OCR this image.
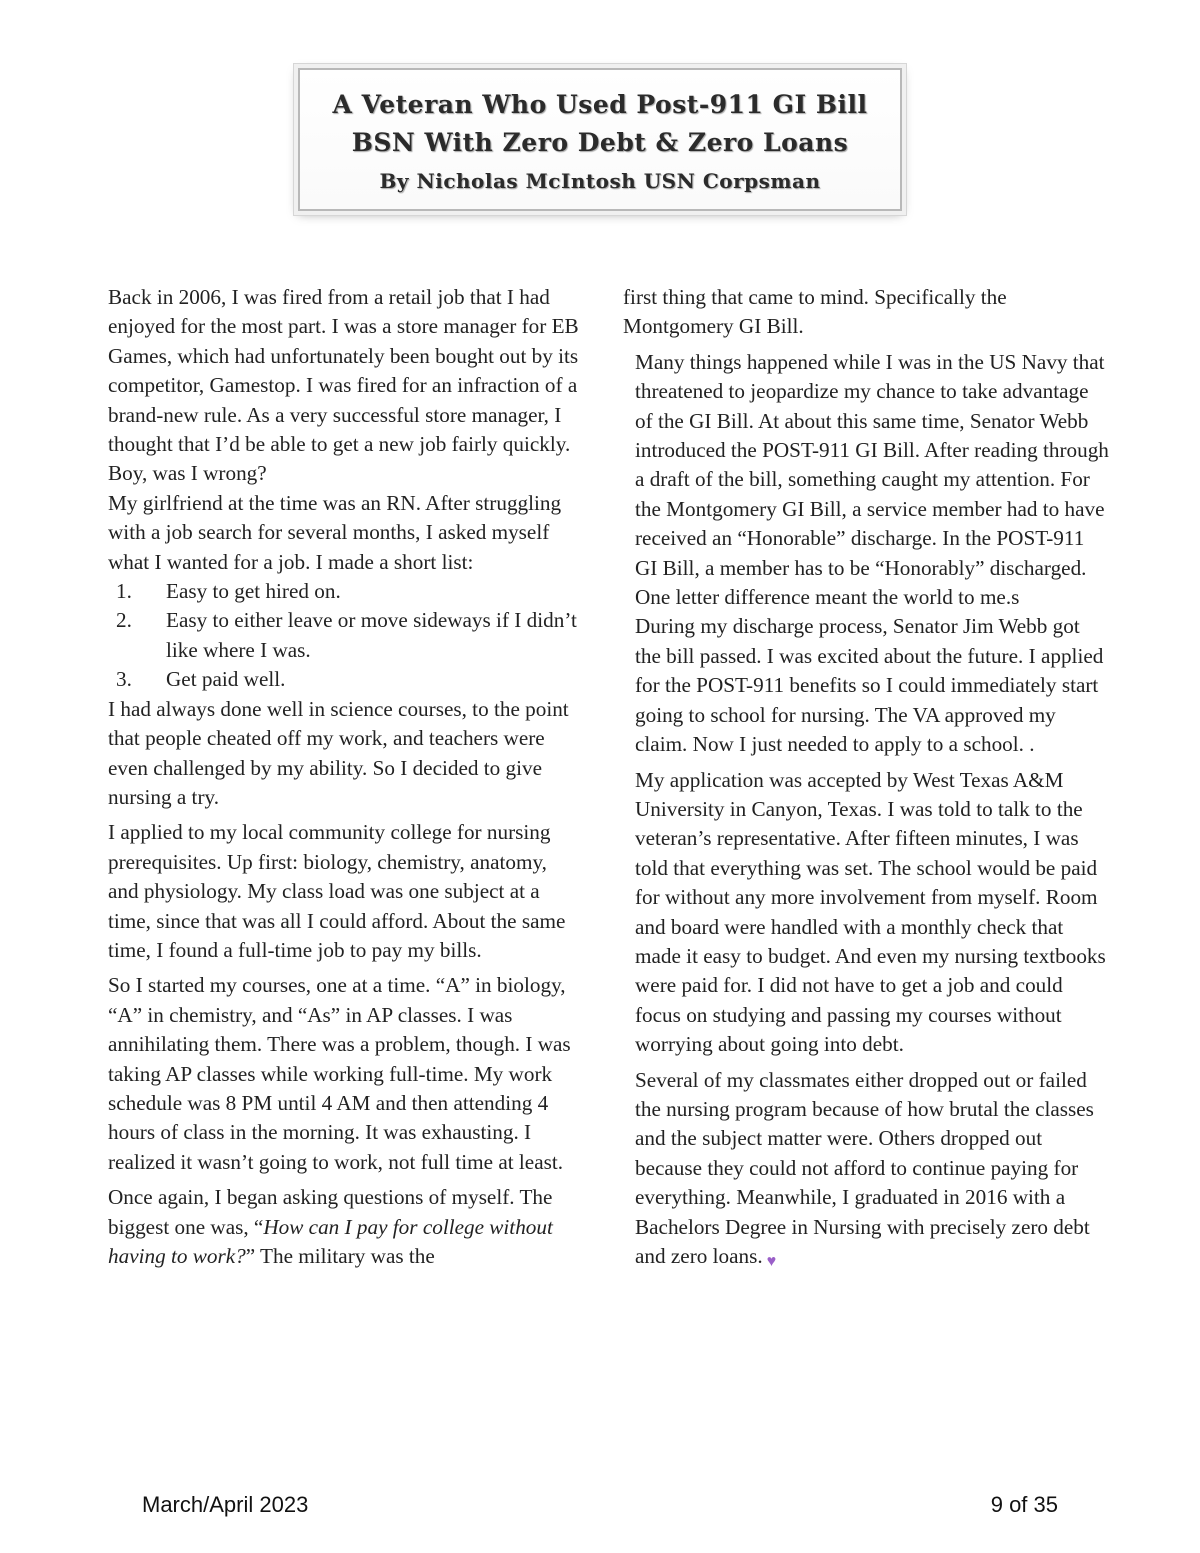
A Veteran Who Used Post-911 GI Bill
BSN With Zero Debt & Zero Loans
By Nicholas McIntosh USN Corpsman

Back in 2006, I was fired from a retail job that I had enjoyed for the most part. I was a store manager for EB Games, which had unfortunately been bought out by its competitor, Gamestop. I was fired for an infraction of a brand-new rule. As a very successful store manager, I thought that I’d be able to get a new job fairly quickly. Boy, was I wrong?

My girlfriend at the time was an RN. After struggling with a job search for several months, I asked myself what I wanted for a job. I made a short list:

1. Easy to get hired on.
2. Easy to either leave or move sideways if I didn’t like where I was.
3. Get paid well.

I had always done well in science courses, to the point that people cheated off my work, and teachers were even challenged by my ability. So I decided to give nursing a try.

I applied to my local community college for nursing prerequisites. Up first: biology, chemistry, anatomy, and physiology. My class load was one subject at a time, since that was all I could afford. About the same time, I found a full-time job to pay my bills.

So I started my courses, one at a time. “A” in biology, “A” in chemistry, and “As” in AP classes. I was annihilating them. There was a problem, though. I was taking AP classes while working full-time. My work schedule was 8 PM until 4 AM and then attending 4 hours of class in the morning. It was exhausting. I realized it wasn’t going to work, not full time at least.

Once again, I began asking questions of myself. The biggest one was, “How can I pay for college without having to work?” The military was the

first thing that came to mind. Specifically the Montgomery GI Bill.

Many things happened while I was in the US Navy that threatened to jeopardize my chance to take advantage of the GI Bill. At about this same time, Senator Webb introduced the POST-911 GI Bill. After reading through a draft of the bill, something caught my attention. For the Montgomery GI Bill, a service member had to have received an “Honorable” discharge. In the POST-911 GI Bill, a member has to be “Honorably” discharged. One letter difference meant the world to me.s

During my discharge process, Senator Jim Webb got the bill passed. I was excited about the future. I applied for the POST-911 benefits so I could immediately start going to school for nursing. The VA approved my claim. Now I just needed to apply to a school. .

My application was accepted by West Texas A&M University in Canyon, Texas. I was told to talk to the veteran’s representative. After fifteen minutes, I was told that everything was set. The school would be paid for without any more involvement from myself. Room and board were handled with a monthly check that made it easy to budget. And even my nursing textbooks were paid for. I did not have to get a job and could focus on studying and passing my courses without worrying about going into debt.

Several of my classmates either dropped out or failed the nursing program because of how brutal the classes and the subject matter were. Others dropped out because they could not afford to continue paying for everything. Meanwhile, I graduated in 2016 with a Bachelors Degree in Nursing with precisely zero debt and zero loans. ♥

March/April 2023	9 of 35
